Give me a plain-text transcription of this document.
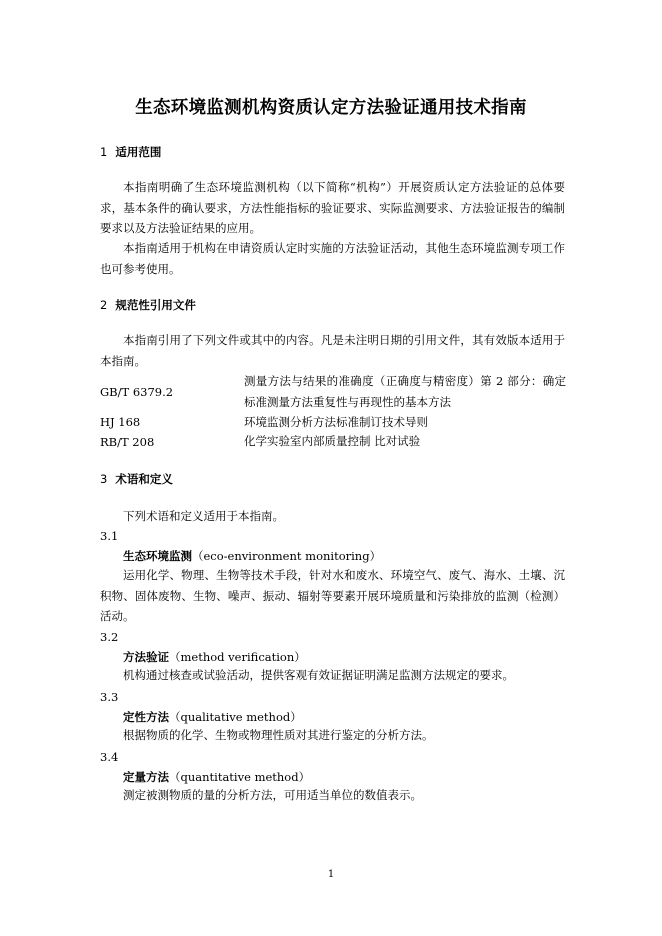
生态环境监测机构资质认定方法验证通用技术指南
1 适用范围

本指南明确了生态环境监测机构（以下简称“机构”）开展资质认定方法验证的总体要求，基本条件的确认要求，方法性能指标的验证要求、实际监测要求、方法验证报告的编制要求以及方法验证结果的应用。

本指南适用于机构在申请资质认定时实施的方法验证活动，其他生态环境监测专项工作也可参考使用。

2 规范性引用文件

本指南引用了下列文件或其中的内容。凡是未注明日期的引用文件，其有效版本适用于本指南。

GB/T 6379.2

测量方法与结果的准确度（正确度与精密度）第 2 部分：确定标准测量方法重复性与再现性的基本方法

HJ 168	环境监测分析方法标准制订技术导则

RB/T 208	化学实验室内部质量控制 比对试验

3 术语和定义

下列术语和定义适用于本指南。

3.1
生态环境监测（eco-environment monitoring）

运用化学、物理、生物等技术手段，针对水和废水、环境空气、废气、海水、土壤、沉积物、固体废物、生物、噪声、振动、辐射等要素开展环境质量和污染排放的监测（检测）活动。

3.2
方法验证（method verification）

机构通过核查或试验活动，提供客观有效证据证明满足监测方法规定的要求。

3.3
定性方法（qualitative method）

根据物质的化学、生物或物理性质对其进行鉴定的分析方法。

3.4
定量方法（quantitative method）

测定被测物质的量的分析方法，可用适当单位的数值表示。

1
